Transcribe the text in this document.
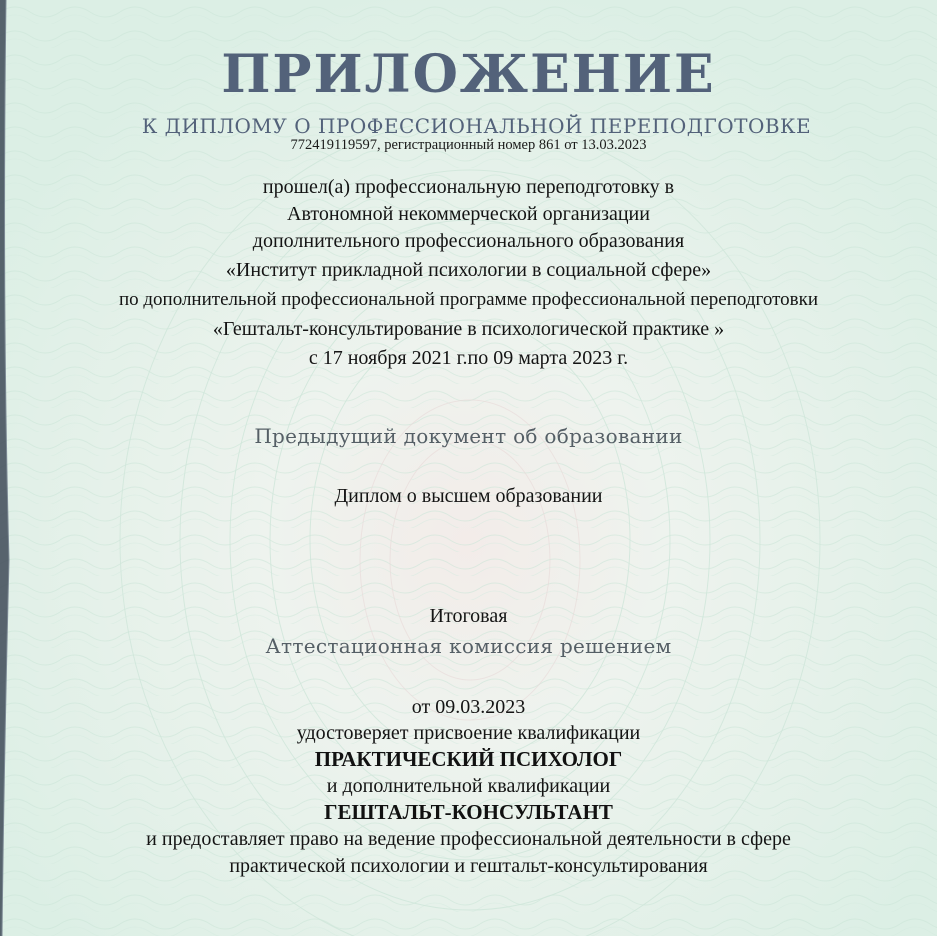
ПРИЛОЖЕНИЕ
К ДИПЛОМУ О ПРОФЕССИОНАЛЬНОЙ ПЕРЕПОДГОТОВКЕ
772419119597, регистрационный номер 861 от 13.03.2023
прошел(а) профессиональную переподготовку в
Автономной некоммерческой организации
дополнительного профессионального образования
«Институт прикладной психологии в социальной сфере»
по дополнительной профессиональной программе профессиональной переподготовки
«Гештальт-консультирование в психологической практике »
с 17 ноября 2021 г.по 09 марта 2023 г.
Предыдущий документ об образовании
Диплом о высшем образовании
Итоговая
Аттестационная комиссия решением
от 09.03.2023
удостоверяет присвоение квалификации
ПРАКТИЧЕСКИЙ ПСИХОЛОГ
и дополнительной квалификации
ГЕШТАЛЬТ-КОНСУЛЬТАНТ
и предоставляет право на ведение профессиональной деятельности в сфере
практической психологии и гештальт-консультирования
